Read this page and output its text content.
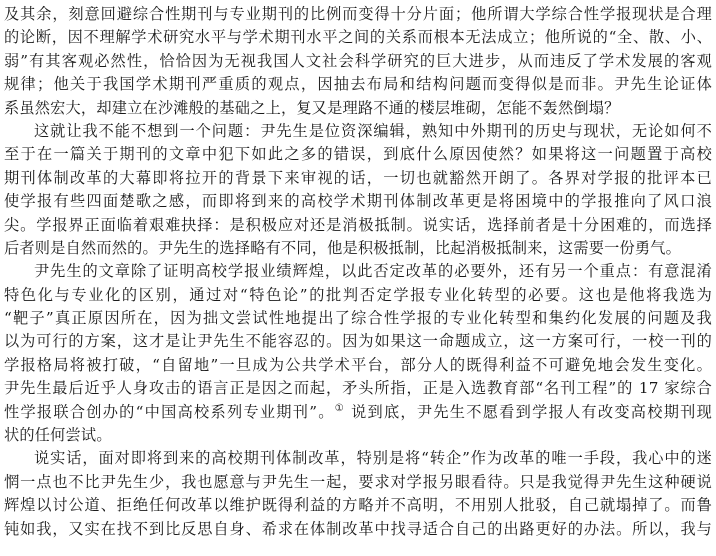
及其余，刻意回避综合性期刊与专业期刊的比例而变得十分片面；他所谓大学综合性学报现状是合理
的论断，因不理解学术研究水平与学术期刊水平之间的关系而根本无法成立；他所说的“全、散、小、
弱”有其客观必然性，恰恰因为无视我国人文社会科学研究的巨大进步，从而违反了学术发展的客观
规律；他关于我国学术期刊严重质的观点，因抽去布局和结构问题而变得似是而非。尹先生论证体
系虽然宏大，却建立在沙滩般的基础之上，复又是理路不通的楼层堆砌，怎能不轰然倒塌？
这就让我不能不想到一个问题：尹先生是位资深编辑，熟知中外期刊的历史与现状，无论如何不
至于在一篇关于期刊的文章中犯下如此之多的错误，到底什么原因使然？如果将这一问题置于高校
期刊体制改革的大幕即将拉开的背景下来审视的话，一切也就豁然开朗了。各界对学报的批评本已
使学报有些四面楚歌之感，而即将到来的高校学术期刊体制改革更是将困境中的学报推向了风口浪
尖。学报界正面临着艰难抉择：是积极应对还是消极抵制。说实话，选择前者是十分困难的，而选择
后者则是自然而然的。尹先生的选择略有不同，他是积极抵制，比起消极抵制来，这需要一份勇气。
尹先生的文章除了证明高校学报业绩辉煌，以此否定改革的必要外，还有另一个重点：有意混淆
特色化与专业化的区别，通过对“特色论”的批判否定学报专业化转型的必要。这也是他将我选为
“靶子”真正原因所在，因为拙文尝试性地提出了综合性学报的专业化转型和集约化发展的问题及我
以为可行的方案，这才是让尹先生不能容忍的。因为如果这一命题成立，这一方案可行，一校一刊的
学报格局将被打破，“自留地”一旦成为公共学术平台，部分人的既得利益不可避免地会发生变化。
尹先生最后近乎人身攻击的语言正是因之而起，矛头所指，正是入选教育部“名刊工程”的 17 家综合
性学报联合创办的“中国高校系列专业期刊”。① 说到底，尹先生不愿看到学报人有改变高校期刊现
状的任何尝试。
说实话，面对即将到来的高校期刊体制改革，特别是将“转企”作为改革的唯一手段，我心中的迷
惘一点也不比尹先生少，我也愿意与尹先生一起，要求对学报另眼看待。只是我觉得尹先生这种硬说
辉煌以讨公道、拒绝任何改革以维护既得利益的方略并不高明，不用别人批驳，自己就塌掉了。而鲁
钝如我，又实在找不到比反思自身、希求在体制改革中找寻适合自己的出路更好的办法。所以，我与
